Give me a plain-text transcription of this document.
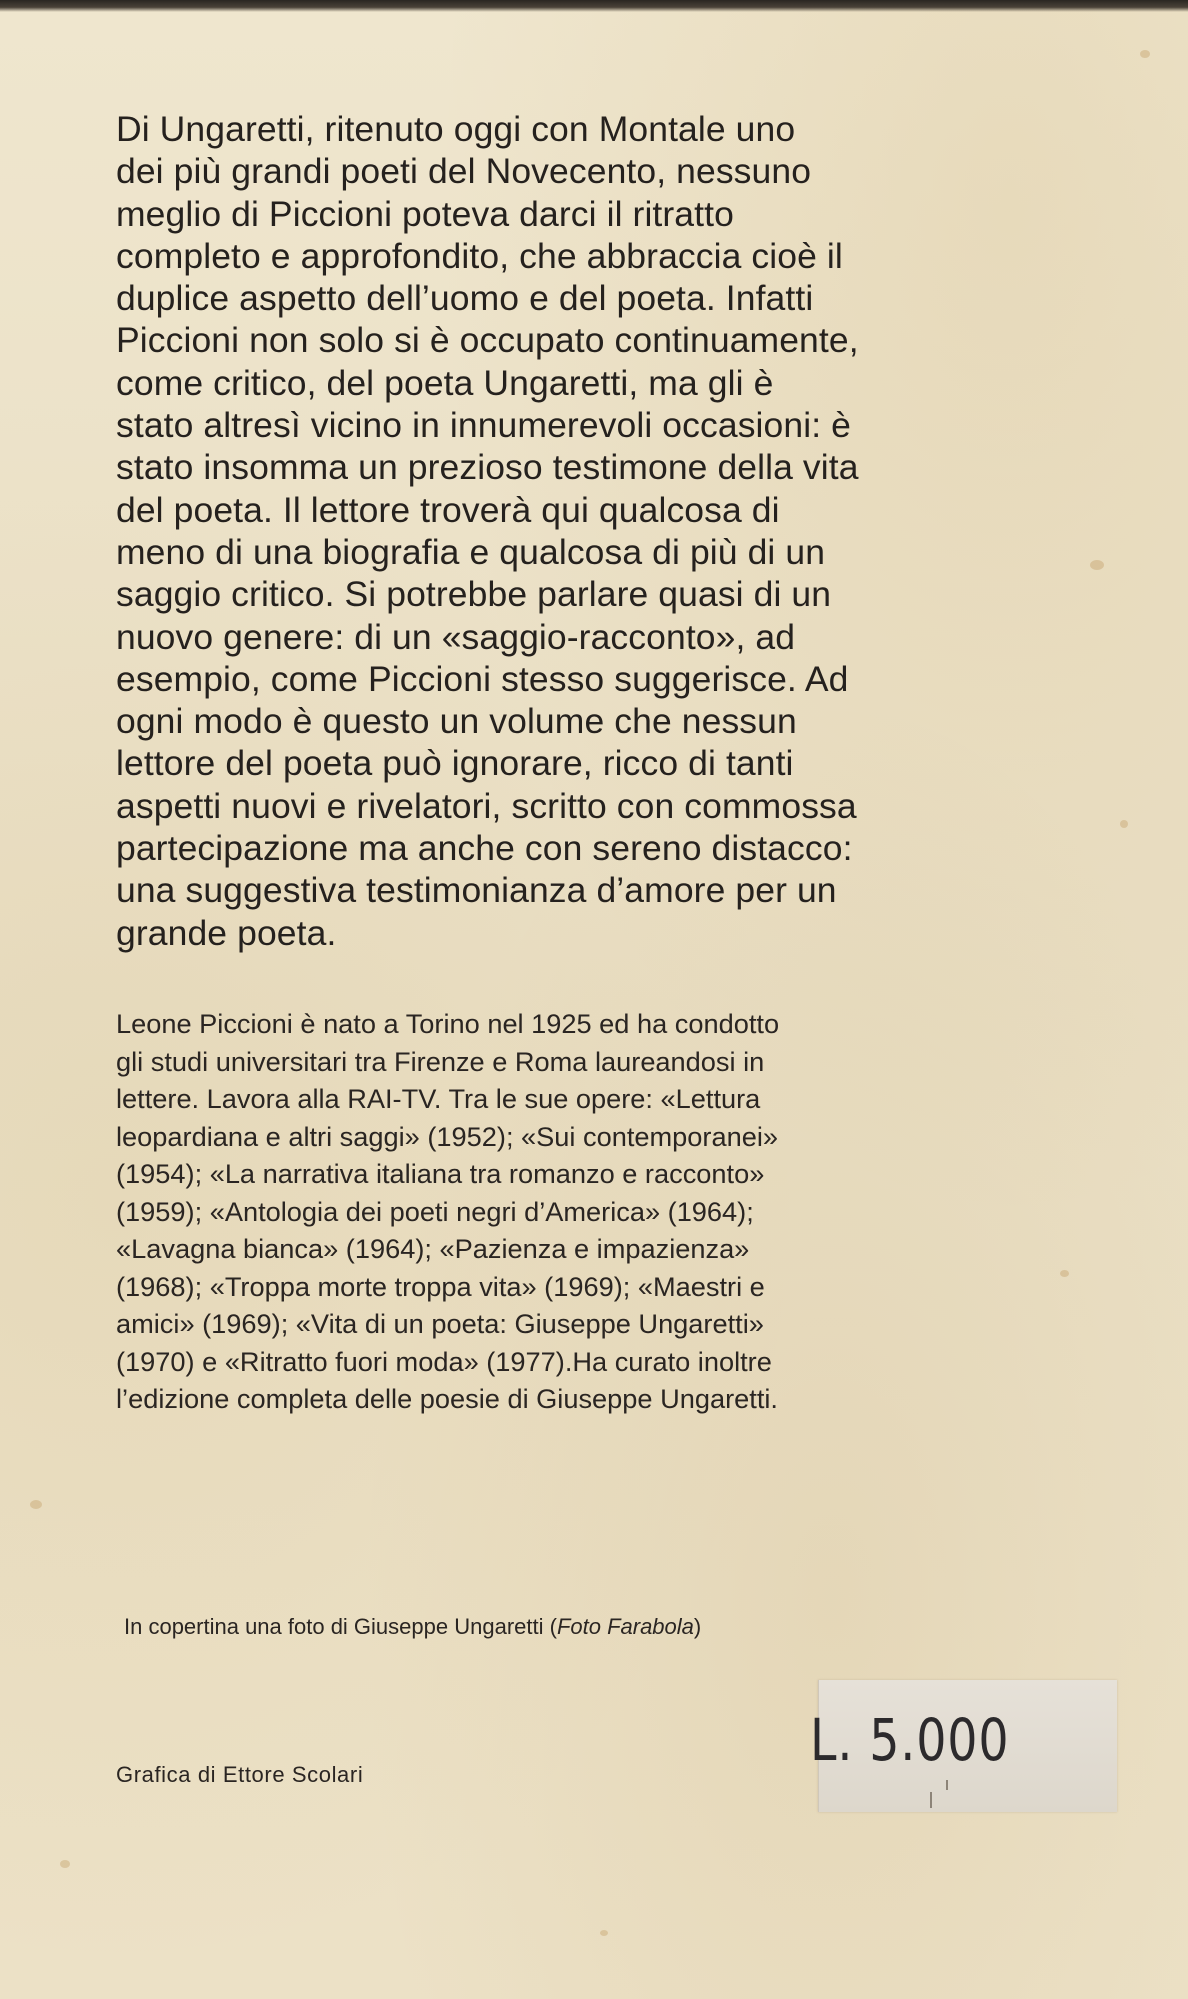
Di Ungaretti, ritenuto oggi con Montale uno
dei più grandi poeti del Novecento, nessuno
meglio di Piccioni poteva darci il ritratto
completo e approfondito, che abbraccia cioè il
duplice aspetto dell’uomo e del poeta. Infatti
Piccioni non solo si è occupato continuamente,
come critico, del poeta Ungaretti, ma gli è
stato altresì vicino in innumerevoli occasioni: è
stato insomma un prezioso testimone della vita
del poeta. Il lettore troverà qui qualcosa di
meno di una biografia e qualcosa di più di un
saggio critico. Si potrebbe parlare quasi di un
nuovo genere: di un «saggio-racconto», ad
esempio, come Piccioni stesso suggerisce. Ad
ogni modo è questo un volume che nessun
lettore del poeta può ignorare, ricco di tanti
aspetti nuovi e rivelatori, scritto con commossa
partecipazione ma anche con sereno distacco:
una suggestiva testimonianza d’amore per un
grande poeta.
Leone Piccioni è nato a Torino nel 1925 ed ha condotto
gli studi universitari tra Firenze e Roma laureandosi in
lettere. Lavora alla RAI-TV. Tra le sue opere: «Lettura
leopardiana e altri saggi» (1952); «Sui contemporanei»
(1954); «La narrativa italiana tra romanzo e racconto»
(1959); «Antologia dei poeti negri d’America» (1964);
«Lavagna bianca» (1964); «Pazienza e impazienza»
(1968); «Troppa morte troppa vita» (1969); «Maestri e
amici» (1969); «Vita di un poeta: Giuseppe Ungaretti»
(1970) e «Ritratto fuori moda» (1977).Ha curato inoltre
l’edizione completa delle poesie di Giuseppe Ungaretti.
In copertina una foto di Giuseppe Ungaretti (Foto Farabola)
Grafica di Ettore Scolari
L. 5.000
